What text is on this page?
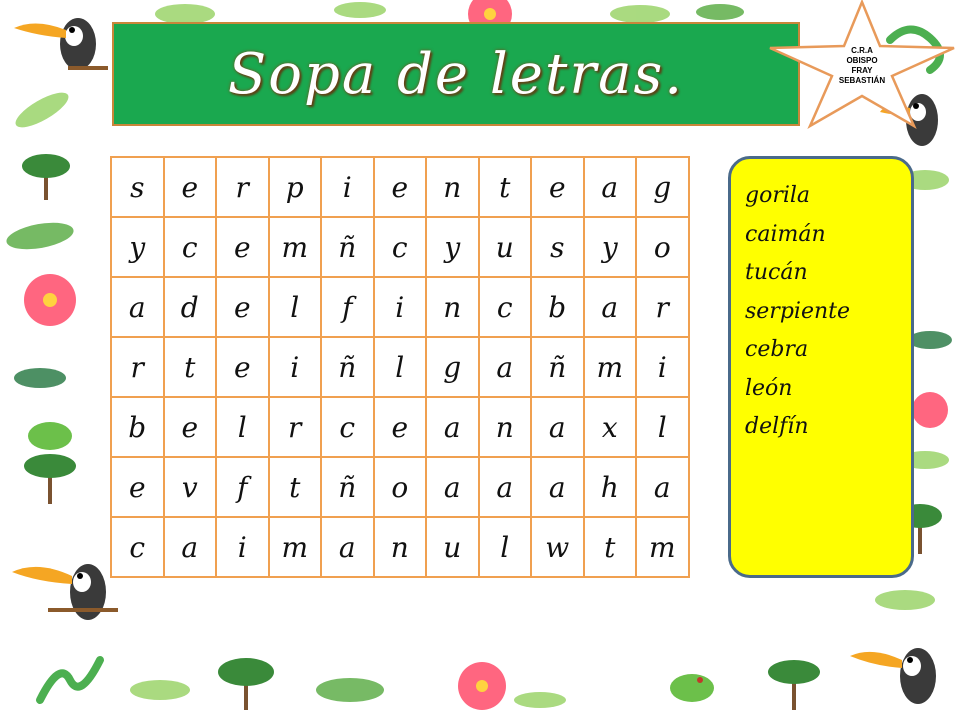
Sopa de letras.	C.R.A
OBISPO
FRAY
SEBASTIÁN
s	e	r	p	i	e	n	t	e	a	g
y	c	e	m	ñ	c	y	u	s	y	o
a	d	e	l	f	i	n	c	b	a	r
r	t	e	i	ñ	l	g	a	ñ	m	i
b	e	l	r	c	e	a	n	a	x	l
e	v	f	t	ñ	o	a	a	a	h	a
c	a	i	m	a	n	u	l	w	t	m
gorila
caimán
tucán
serpiente
cebra
león
delfín
